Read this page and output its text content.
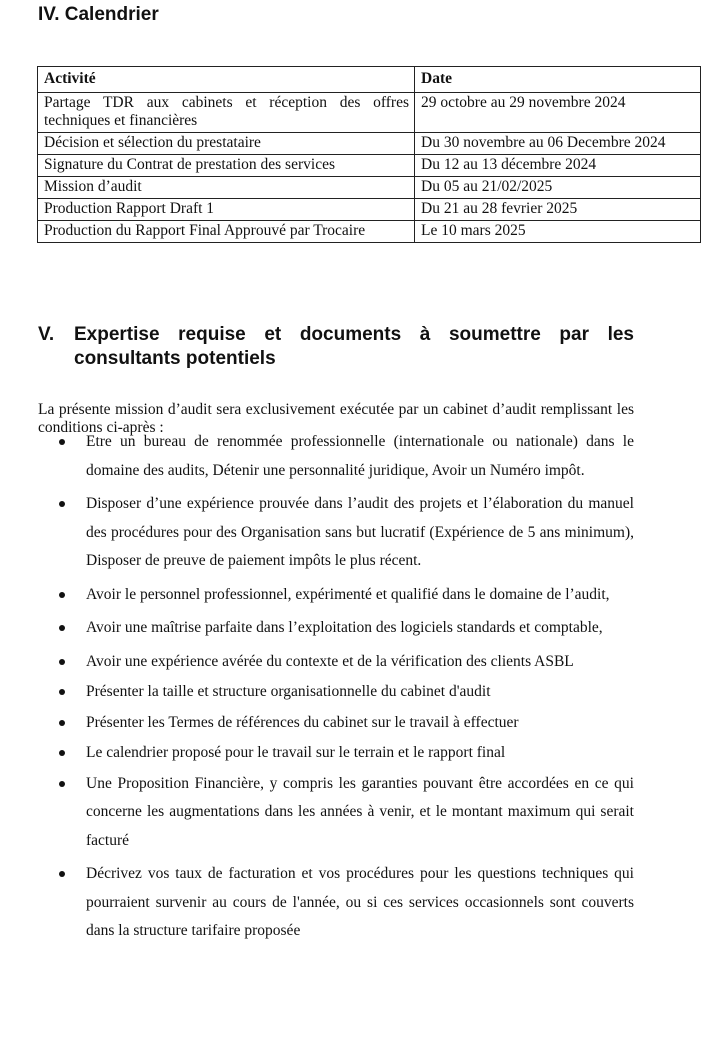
IV. Calendrier
Activité	Date
Partage TDR aux cabinets et réception des offres techniques et financières	29 octobre au 29 novembre 2024
Décision et sélection du prestataire	Du 30 novembre au 06 Decembre 2024
Signature du Contrat de prestation des services	Du 12 au 13 décembre 2024
Mission d’audit	Du 05 au 21/02/2025
Production Rapport Draft 1	Du 21 au 28 fevrier 2025
Production du Rapport Final Approuvé par Trocaire	Le 10 mars 2025
V. Expertise requise et documents à soumettre par les
consultants potentiels

La présente mission d’audit sera exclusivement exécutée par un cabinet d’audit remplissant les conditions ci-après :

Etre un bureau de renommée professionnelle (internationale ou nationale) dans le domaine des audits, Détenir une personnalité juridique, Avoir un Numéro impôt.
Disposer d’une expérience prouvée dans l’audit des projets et l’élaboration du manuel des procédures pour des Organisation sans but lucratif (Expérience de 5 ans minimum), Disposer de preuve de paiement impôts le plus récent.
Avoir le personnel professionnel, expérimenté et qualifié dans le domaine de l’audit,
Avoir une maîtrise parfaite dans l’exploitation des logiciels standards et comptable,
Avoir une expérience avérée du contexte et de la vérification des clients ASBL
Présenter la taille et structure organisationnelle du cabinet d'audit
Présenter les Termes de références du cabinet sur le travail à effectuer
Le calendrier proposé pour le travail sur le terrain et le rapport final
Une Proposition Financière, y compris les garanties pouvant être accordées en ce qui concerne les augmentations dans les années à venir, et le montant maximum qui serait facturé
Décrivez vos taux de facturation et vos procédures pour les questions techniques qui pourraient survenir au cours de l'année, ou si ces services occasionnels sont couverts dans la structure tarifaire proposée
